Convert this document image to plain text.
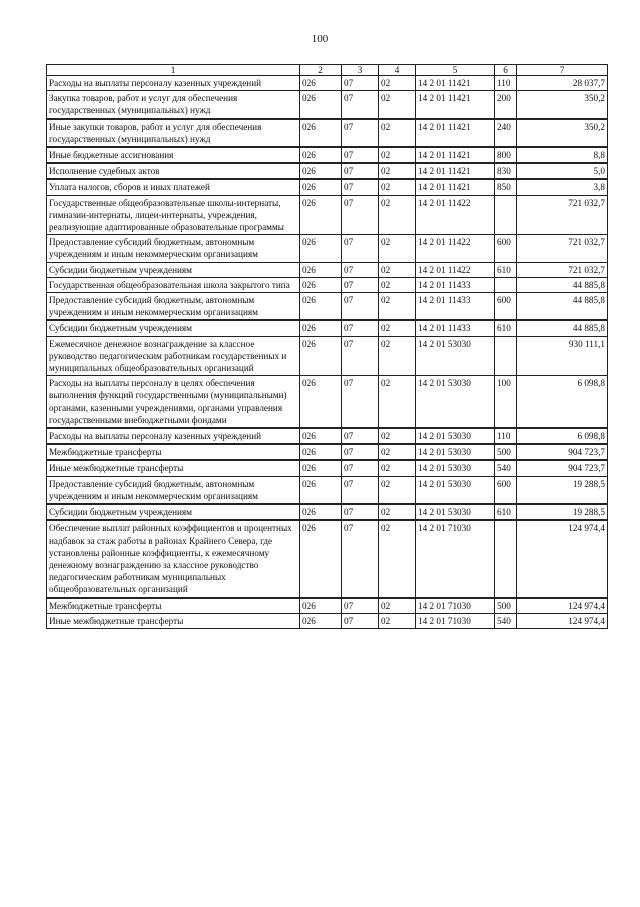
100
1	2	3	4	5	6	7
Расходы на выплаты персоналу казенных учреждений	026	07	02	14 2 01 11421	110	28 037,7
Закупка товаров, работ и услуг для обеспечения государственных (муниципальных) нужд	026	07	02	14 2 01 11421	200	350,2
Иные закупки товаров, работ и услуг для обеспечения государственных (муниципальных) нужд	026	07	02	14 2 01 11421	240	350,2
Иные бюджетные ассигнования	026	07	02	14 2 01 11421	800	8,8
Исполнение судебных актов	026	07	02	14 2 01 11421	830	5,0
Уплата налогов, сборов и иных платежей	026	07	02	14 2 01 11421	850	3,8
Государственные общеобразовательные школы-интернаты, гимназии-интернаты, лицеи-интернаты, учреждения, реализующие адаптированные образовательные программы	026	07	02	14 2 01 11422		721 032,7
Предоставление субсидий бюджетным, автономным учреждениям и иным некоммерческим организациям	026	07	02	14 2 01 11422	600	721 032,7
Субсидии бюджетным учреждениям	026	07	02	14 2 01 11422	610	721 032,7
Государственная общеобразовательная школа закрытого типа	026	07	02	14 2 01 11433		44 885,8
Предоставление субсидий бюджетным, автономным учреждениям и иным некоммерческим организациям	026	07	02	14 2 01 11433	600	44 885,8
Субсидии бюджетным учреждениям	026	07	02	14 2 01 11433	610	44 885,8
Ежемесячное денежное вознаграждение за классное руководство педагогическим работникам государственных и муниципальных общеобразовательных организаций	026	07	02	14 2 01 53030		930 111,1
Расходы на выплаты персоналу в целях обеспечения выполнения функций государственными (муниципальными) органами, казенными учреждениями, органами управления государственными внебюджетными фондами	026	07	02	14 2 01 53030	100	6 098,8
Расходы на выплаты персоналу казенных учреждений	026	07	02	14 2 01 53030	110	6 098,8
Межбюджетные трансферты	026	07	02	14 2 01 53030	500	904 723,7
Иные межбюджетные трансферты	026	07	02	14 2 01 53030	540	904 723,7
Предоставление субсидий бюджетным, автономным учреждениям и иным некоммерческим организациям	026	07	02	14 2 01 53030	600	19 288,5
Субсидии бюджетным учреждениям	026	07	02	14 2 01 53030	610	19 288,5
Обеспечение выплат районных коэффициентов и процентных надбавок за стаж работы в районах Крайнего Севера, где установлены районные коэффициенты, к ежемесячному денежному вознаграждению за классное руководство педагогическим работникам муниципальных общеобразовательных организаций	026	07	02	14 2 01 71030		124 974,4
Межбюджетные трансферты	026	07	02	14 2 01 71030	500	124 974,4
Иные межбюджетные трансферты	026	07	02	14 2 01 71030	540	124 974,4
